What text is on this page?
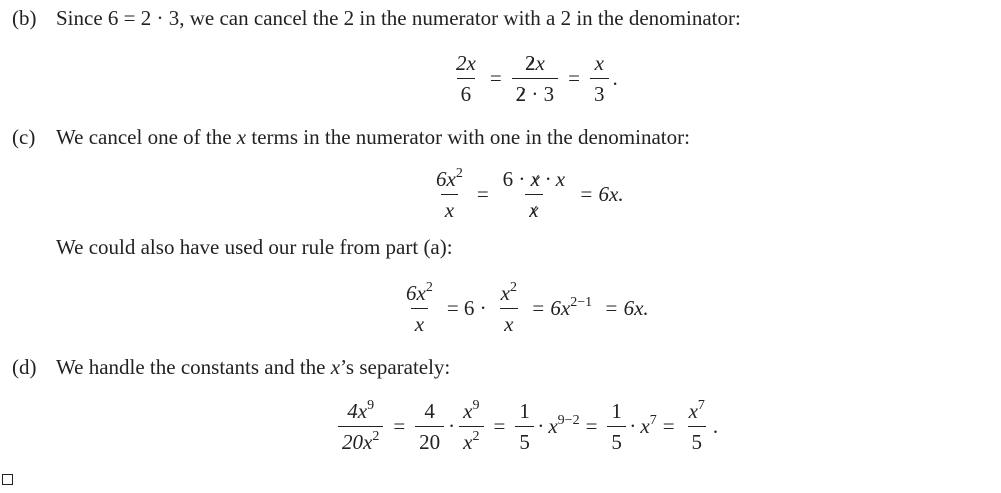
(b) Since 6 = 2 · 3, we can cancel the 2 in the numerator with a 2 in the denominator:
$\frac{2x}{6} = \frac{2x}{2 \cdot 3} = \frac{x}{3}$ .
(c) We cancel one of the x terms in the numerator with one in the denominator:
$\frac{6x^2}{x} = \frac{6 \cdot x \cdot x}{x} = 6x$.
We could also have used our rule from part (a):
$\frac{6x^2}{x} = 6 \cdot \frac{x^2}{x} = 6x^{2-1} = 6x$.
(d) We handle the constants and the x’s separately:
$\frac{4x^9}{20x^2} = \frac{4}{20} \cdot \frac{x^9}{x^2} = \frac{1}{5} \cdot x^{9-2} = \frac{1}{5} \cdot x^7 = \frac{x^7}{5}$ .
